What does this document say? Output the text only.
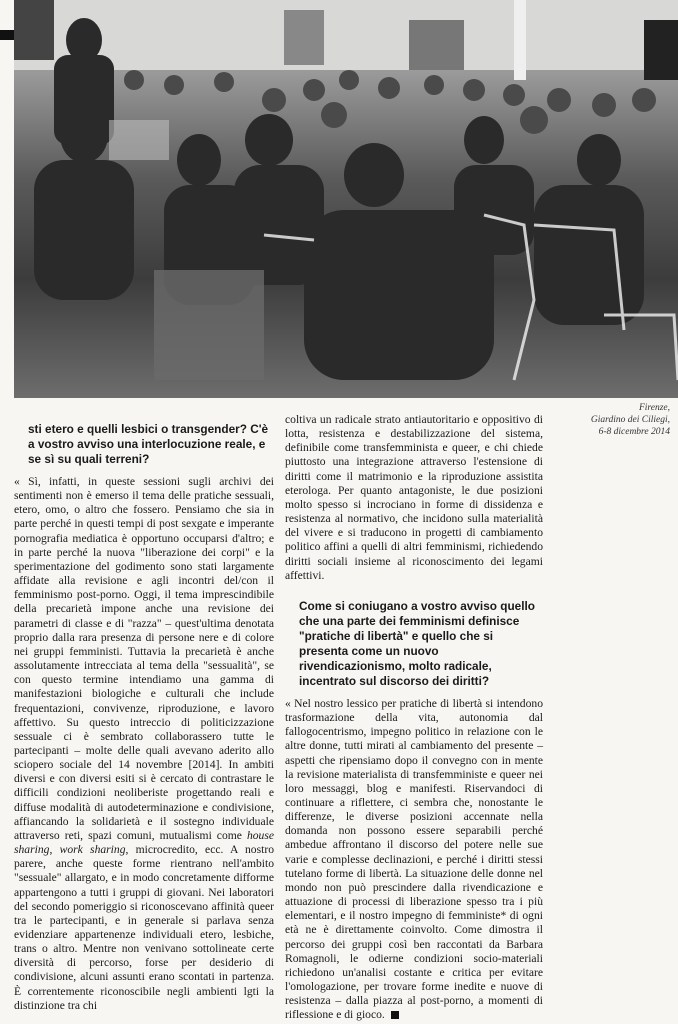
Firenze,
Giardino dei Ciliegi,
6-8 dicembre 2014

sti etero e quelli lesbici o transgender? C'è a vostro avviso una interlocuzione reale, e se sì su quali terreni?

« Sì, infatti, in queste sessioni sugli archivi dei sentimenti non è emerso il tema delle pratiche sessuali, etero, omo, o altro che fossero. Pensiamo che sia in parte perché in questi tempi di post sexgate e imperante pornografia mediatica è opportuno occuparsi d'altro; e in parte perché la nuova "liberazione dei corpi" e la sperimentazione del godimento sono stati largamente affidate alla revisione e agli incontri del/con il femminismo post-porno. Oggi, il tema imprescindibile della precarietà impone anche una revisione dei parametri di classe e di "razza" – quest'ultima denotata proprio dalla rara presenza di persone nere e di colore nei gruppi femministi. Tuttavia la precarietà è anche assolutamente intrecciata al tema della "sessualità", se con questo termine intendiamo una gamma di manifestazioni biologiche e culturali che include frequentazioni, convivenze, riproduzione, e lavoro affettivo. Su questo intreccio di politicizzazione sessuale ci è sembrato collaborassero tutte le partecipanti – molte delle quali avevano aderito allo sciopero sociale del 14 novembre [2014]. In ambiti diversi e con diversi esiti si è cercato di contrastare le difficili condizioni neoliberiste progettando reali e diffuse modalità di autodeterminazione e condivisione, affiancando la solidarietà e il sostegno individuale attraverso reti, spazi comuni, mutualismi come house sharing, work sharing, microcredito, ecc. A nostro parere, anche queste forme rientrano nell'ambito "sessuale" allargato, e in modo concretamente difforme appartengono a tutti i gruppi di giovani. Nei laboratori del secondo pomeriggio si riconoscevano affinità queer tra le partecipanti, e in generale si parlava senza evidenziare appartenenze individuali etero, lesbiche, trans o altro. Mentre non venivano sottolineate certe diversità di percorso, forse per desiderio di condivisione, alcuni assunti erano scontati in partenza. È correntemente riconoscibile negli ambienti lgti la distinzione tra chi

coltiva un radicale strato antiautoritario e oppositivo di lotta, resistenza e destabilizzazione del sistema, definibile come transfemminista e queer, e chi chiede piuttosto una integrazione attraverso l'estensione di diritti come il matrimonio e la riproduzione assistita eterologa. Per quanto antagoniste, le due posizioni molto spesso si incrociano in forme di dissidenza e resistenza al normativo, che incidono sulla materialità del vivere e si traducono in progetti di cambiamento politico affini a quelli di altri femminismi, richiedendo diritti sociali insieme al riconoscimento dei legami affettivi.

Come si coniugano a vostro avviso quello che una parte dei femminismi definisce "pratiche di libertà" e quello che si presenta come un nuovo rivendicazionismo, molto radicale, incentrato sul discorso dei diritti?

« Nel nostro lessico per pratiche di libertà si intendono trasformazione della vita, autonomia dal fallogocentrismo, impegno politico in relazione con le altre donne, tutti mirati al cambiamento del presente – aspetti che ripensiamo dopo il convegno con in mente la revisione materialista di transfemministe e queer nei loro messaggi, blog e manifesti. Riservandoci di continuare a riflettere, ci sembra che, nonostante le differenze, le diverse posizioni accennate nella domanda non possono essere separabili perché ambedue affrontano il discorso del potere nelle sue varie e complesse declinazioni, e perché i diritti stessi tutelano forme di libertà. La situazione delle donne nel mondo non può prescindere dalla rivendicazione e attuazione di processi di liberazione spesso tra i più elementari, e il nostro impegno di femministe* di ogni età ne è direttamente coinvolto. Come dimostra il percorso dei gruppi così ben raccontati da Barbara Romagnoli, le odierne condizioni socio-materiali richiedono un'analisi costante e critica per evitare l'omologazione, per trovare forme inedite e nuove di resistenza – dalla piazza al post-porno, a momenti di riflessione e di gioco.
